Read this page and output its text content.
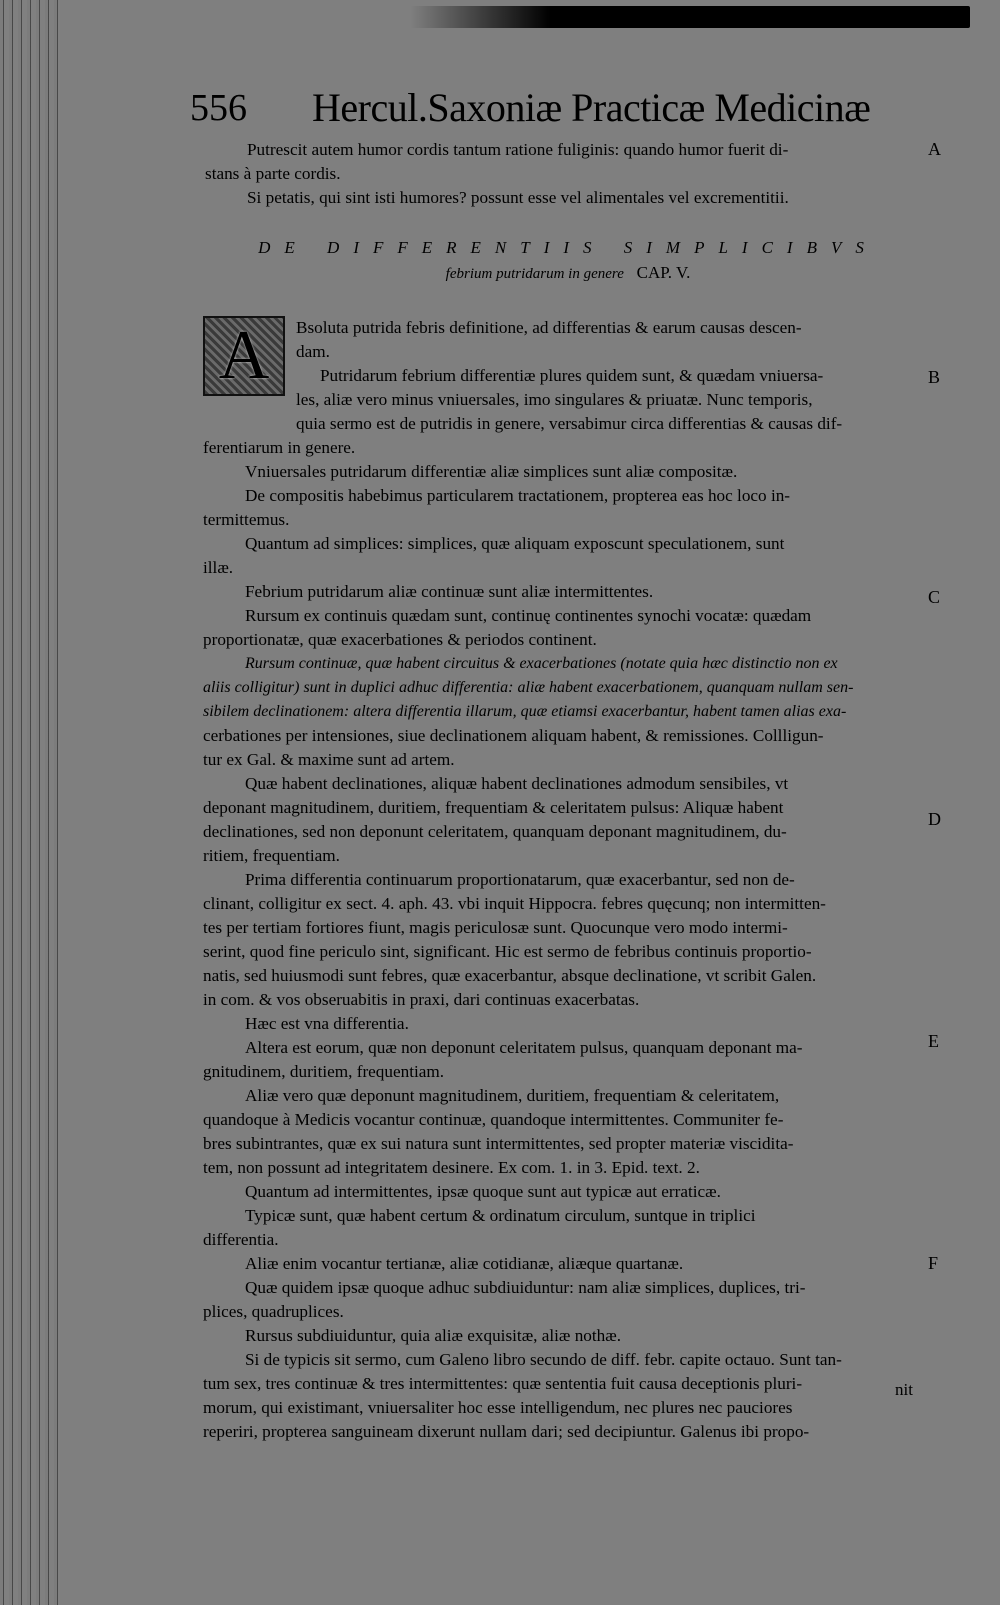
556 Hercul.Saxoniæ Practicæ Medicinæ
Putrescit autem humor cordis tantum ratione fuliginis: quando humor fuerit di-
stans à parte cordis.
Si petatis, qui sint isti humores? possunt esse vel alimentales vel excrementitii.
DE DIFFERENTIIS SIMPLICIBVS
febrium putridarum in genere CAP. V.
A Bsoluta putrida febris definitione, ad differentias & earum causas descen-
dam.
Putridarum febrium differentiæ plures quidem sunt, & quædam vniuersa-
les, aliæ vero minus vniuersales, imo singulares & priuatæ. Nunc temporis,
quia sermo est de putridis in genere, versabimur circa differentias & causas dif-
ferentiarum in genere.
Vniuersales putridarum differentiæ aliæ simplices sunt aliæ compositæ.
De compositis habebimus particularem tractationem, propterea eas hoc loco in-
termittemus.
Quantum ad simplices: simplices, quæ aliquam exposcunt speculationem, sunt
illæ.
Febrium putridarum aliæ continuæ sunt aliæ intermittentes.
Rursum ex continuis quædam sunt, continuę continentes synochi vocatæ: quædam
proportionatæ, quæ exacerbationes & periodos continent.
Rursum continuæ, quæ habent circuitus & exacerbationes (notate quia hæc distinctio non ex
aliis colligitur) sunt in duplici adhuc differentia: aliæ habent exacerbationem, quanquam nullam sen-
sibilem declinationem: altera differentia illarum, quæ etiamsi exacerbantur, habent tamen alias exa-
cerbationes per intensiones, siue declinationem aliquam habent, & remissiones. Collligun-
tur ex Gal. & maxime sunt ad artem.
Quæ habent declinationes, aliquæ habent declinationes admodum sensibiles, vt
deponant magnitudinem, duritiem, frequentiam & celeritatem pulsus: Aliquæ habent
declinationes, sed non deponunt celeritatem, quanquam deponant magnitudinem, du-
ritiem, frequentiam.
Prima differentia continuarum proportionatarum, quæ exacerbantur, sed non de-
clinant, colligitur ex sect. 4. aph. 43. vbi inquit Hippocra. febres quęcunq; non intermitten-
tes per tertiam fortiores fiunt, magis periculosæ sunt. Quocunque vero modo intermi-
serint, quod fine periculo sint, significant. Hic est sermo de febribus continuis proportio-
natis, sed huiusmodi sunt febres, quæ exacerbantur, absque declinatione, vt scribit Galen.
in com. & vos obseruabitis in praxi, dari continuas exacerbatas.
Hæc est vna differentia.
Altera est eorum, quæ non deponunt celeritatem pulsus, quanquam deponant ma-
gnitudinem, duritiem, frequentiam.
Aliæ vero quæ deponunt magnitudinem, duritiem, frequentiam & celeritatem,
quandoque à Medicis vocantur continuæ, quandoque intermittentes. Communiter fe-
bres subintrantes, quæ ex sui natura sunt intermittentes, sed propter materiæ viscidita-
tem, non possunt ad integritatem desinere. Ex com. 1. in 3. Epid. text. 2.
Quantum ad intermittentes, ipsæ quoque sunt aut typicæ aut erraticæ.
Typicæ sunt, quæ habent certum & ordinatum circulum, suntque in triplici
differentia.
Aliæ enim vocantur tertianæ, aliæ cotidianæ, aliæque quartanæ.
Quæ quidem ipsæ quoque adhuc subdiuiduntur: nam aliæ simplices, duplices, tri-
plices, quadruplices.
Rursus subdiuiduntur, quia aliæ exquisitæ, aliæ nothæ.
Si de typicis sit sermo, cum Galeno libro secundo de diff. febr. capite octauo. Sunt tan-
tum sex, tres continuæ & tres intermittentes: quæ sententia fuit causa deceptionis pluri-
morum, qui existimant, vniuersaliter hoc esse intelligendum, nec plures nec pauciores
reperiri, propterea sanguineam dixerunt nullam dari; sed decipiuntur. Galenus ibi propo-
A
B
C
D
E
F
nit
